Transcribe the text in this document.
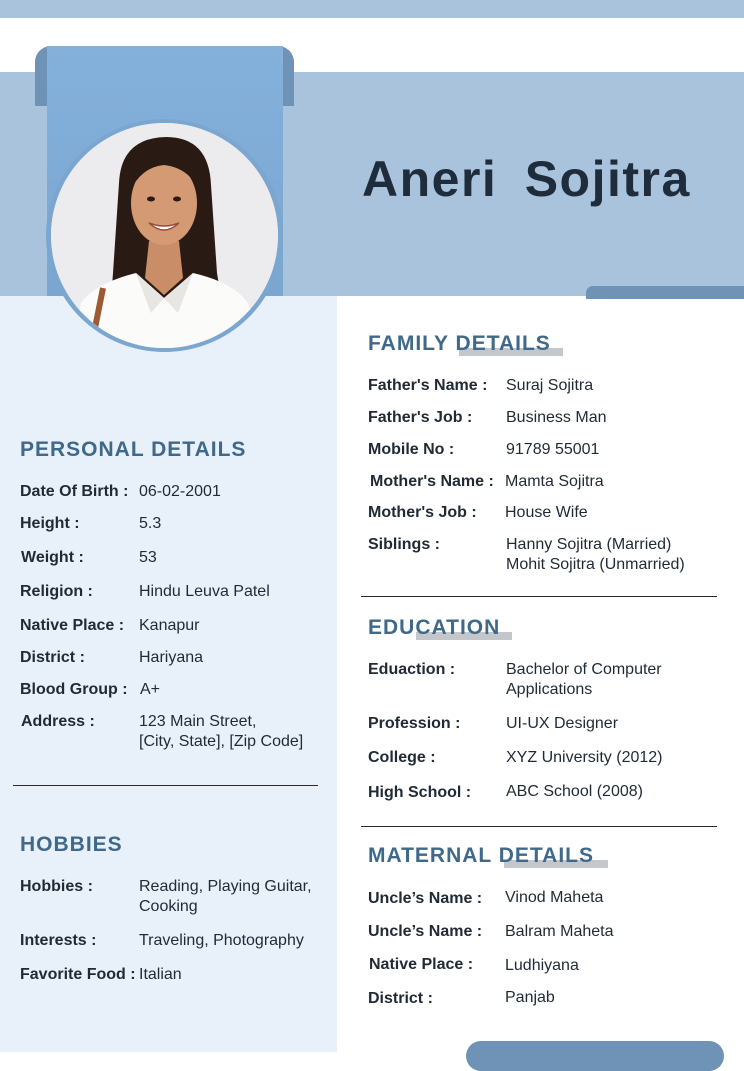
Aneri Sojitra
PERSONAL DETAILS
Date Of Birth : 06-02-2001
Height :	5.3
Weight :	53
Religion :	Hindu Leuva Patel
Native Place : Kanapur
District :	Hariyana
Blood Group : A+
Address :	123 Main Street,
[City, State], [Zip Code]
HOBBIES
Hobbies :	Reading, Playing Guitar,
Cooking
Interests :	Traveling, Photography
Favorite Food : Italian
FAMILY DETAILS
Father's Name : Suraj Sojitra
Father's Job : Business Man
Mobile No :	91789 55001
Mother's Name : Mamta Sojitra
Mother's Job : House Wife
Siblings :	Hanny Sojitra (Married)
Mohit Sojitra (Unmarried)
EDUCATION
Eduaction :	Bachelor of Computer
Applications
Profession :	UI-UX Designer
College :	XYZ University (2012)
High School : ABC School (2008)
MATERNAL DETAILS
Uncle’s Name : Vinod Maheta
Uncle’s Name : Balram Maheta
Native Place : Ludhiyana
District :	Panjab
